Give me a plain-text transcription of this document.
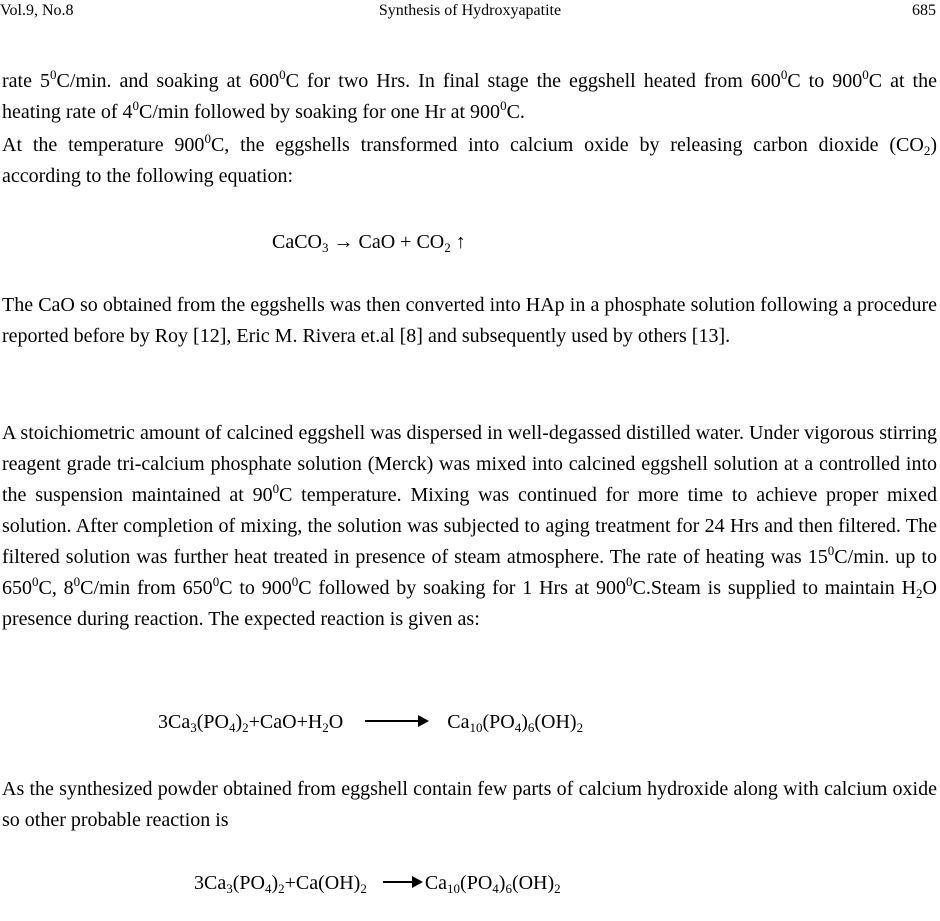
Vol.9, No.8	Synthesis of Hydroxyapatite	685

rate $5^0C/\min$. and soaking at $600^0C$ for two Hrs. In final stage the eggshell heated from $600^0C$ to $900^0C$ at the heating rate of $4^0C/\min$ followed by soaking for one Hr at $900^0C$.

At the temperature $900^0C$, the eggshells transformed into calcium oxide by releasing carbon dioxide $(CO_2)$ according to the following equation:

CaCO$_3$ → CaO + $CO_2$ ↑

The CaO so obtained from the eggshells was then converted into HAp in a phosphate solution following a procedure reported before by Roy [12], Eric M. Rivera et.al [8] and subsequently used by others [13].

A stoichiometric amount of calcined eggshell was dispersed in well-degassed distilled water. Under vigorous stirring reagent grade tri-calcium phosphate solution (Merck) was mixed into calcined eggshell solution at a controlled into the suspension maintained at $90^0C$ temperature. Mixing was continued for more time to achieve proper mixed solution. After completion of mixing, the solution was subjected to aging treatment for 24 Hrs and then filtered. The filtered solution was further heat treated in presence of steam atmosphere. The rate of heating was $15^0C/\min$. up to $650^0C$, $8^0C/\min$ from $650^0C$ to $900^0C$ followed by soaking for 1 Hrs at $900^0C.Steam$ is supplied to maintain $H_2O$ presence during reaction. The expected reaction is given as:

$3Ca_3(PO_4)_2+CaO+H_2O \to Ca_{10}(PO_4)_6(OH)_2$

As the synthesized powder obtained from eggshell contain few parts of calcium hydroxide along with calcium oxide so other probable reaction is

$3Ca_3(PO_4)_2+Ca(OH)_2 \to Ca_{10}(PO_4)_6(OH)_2$
